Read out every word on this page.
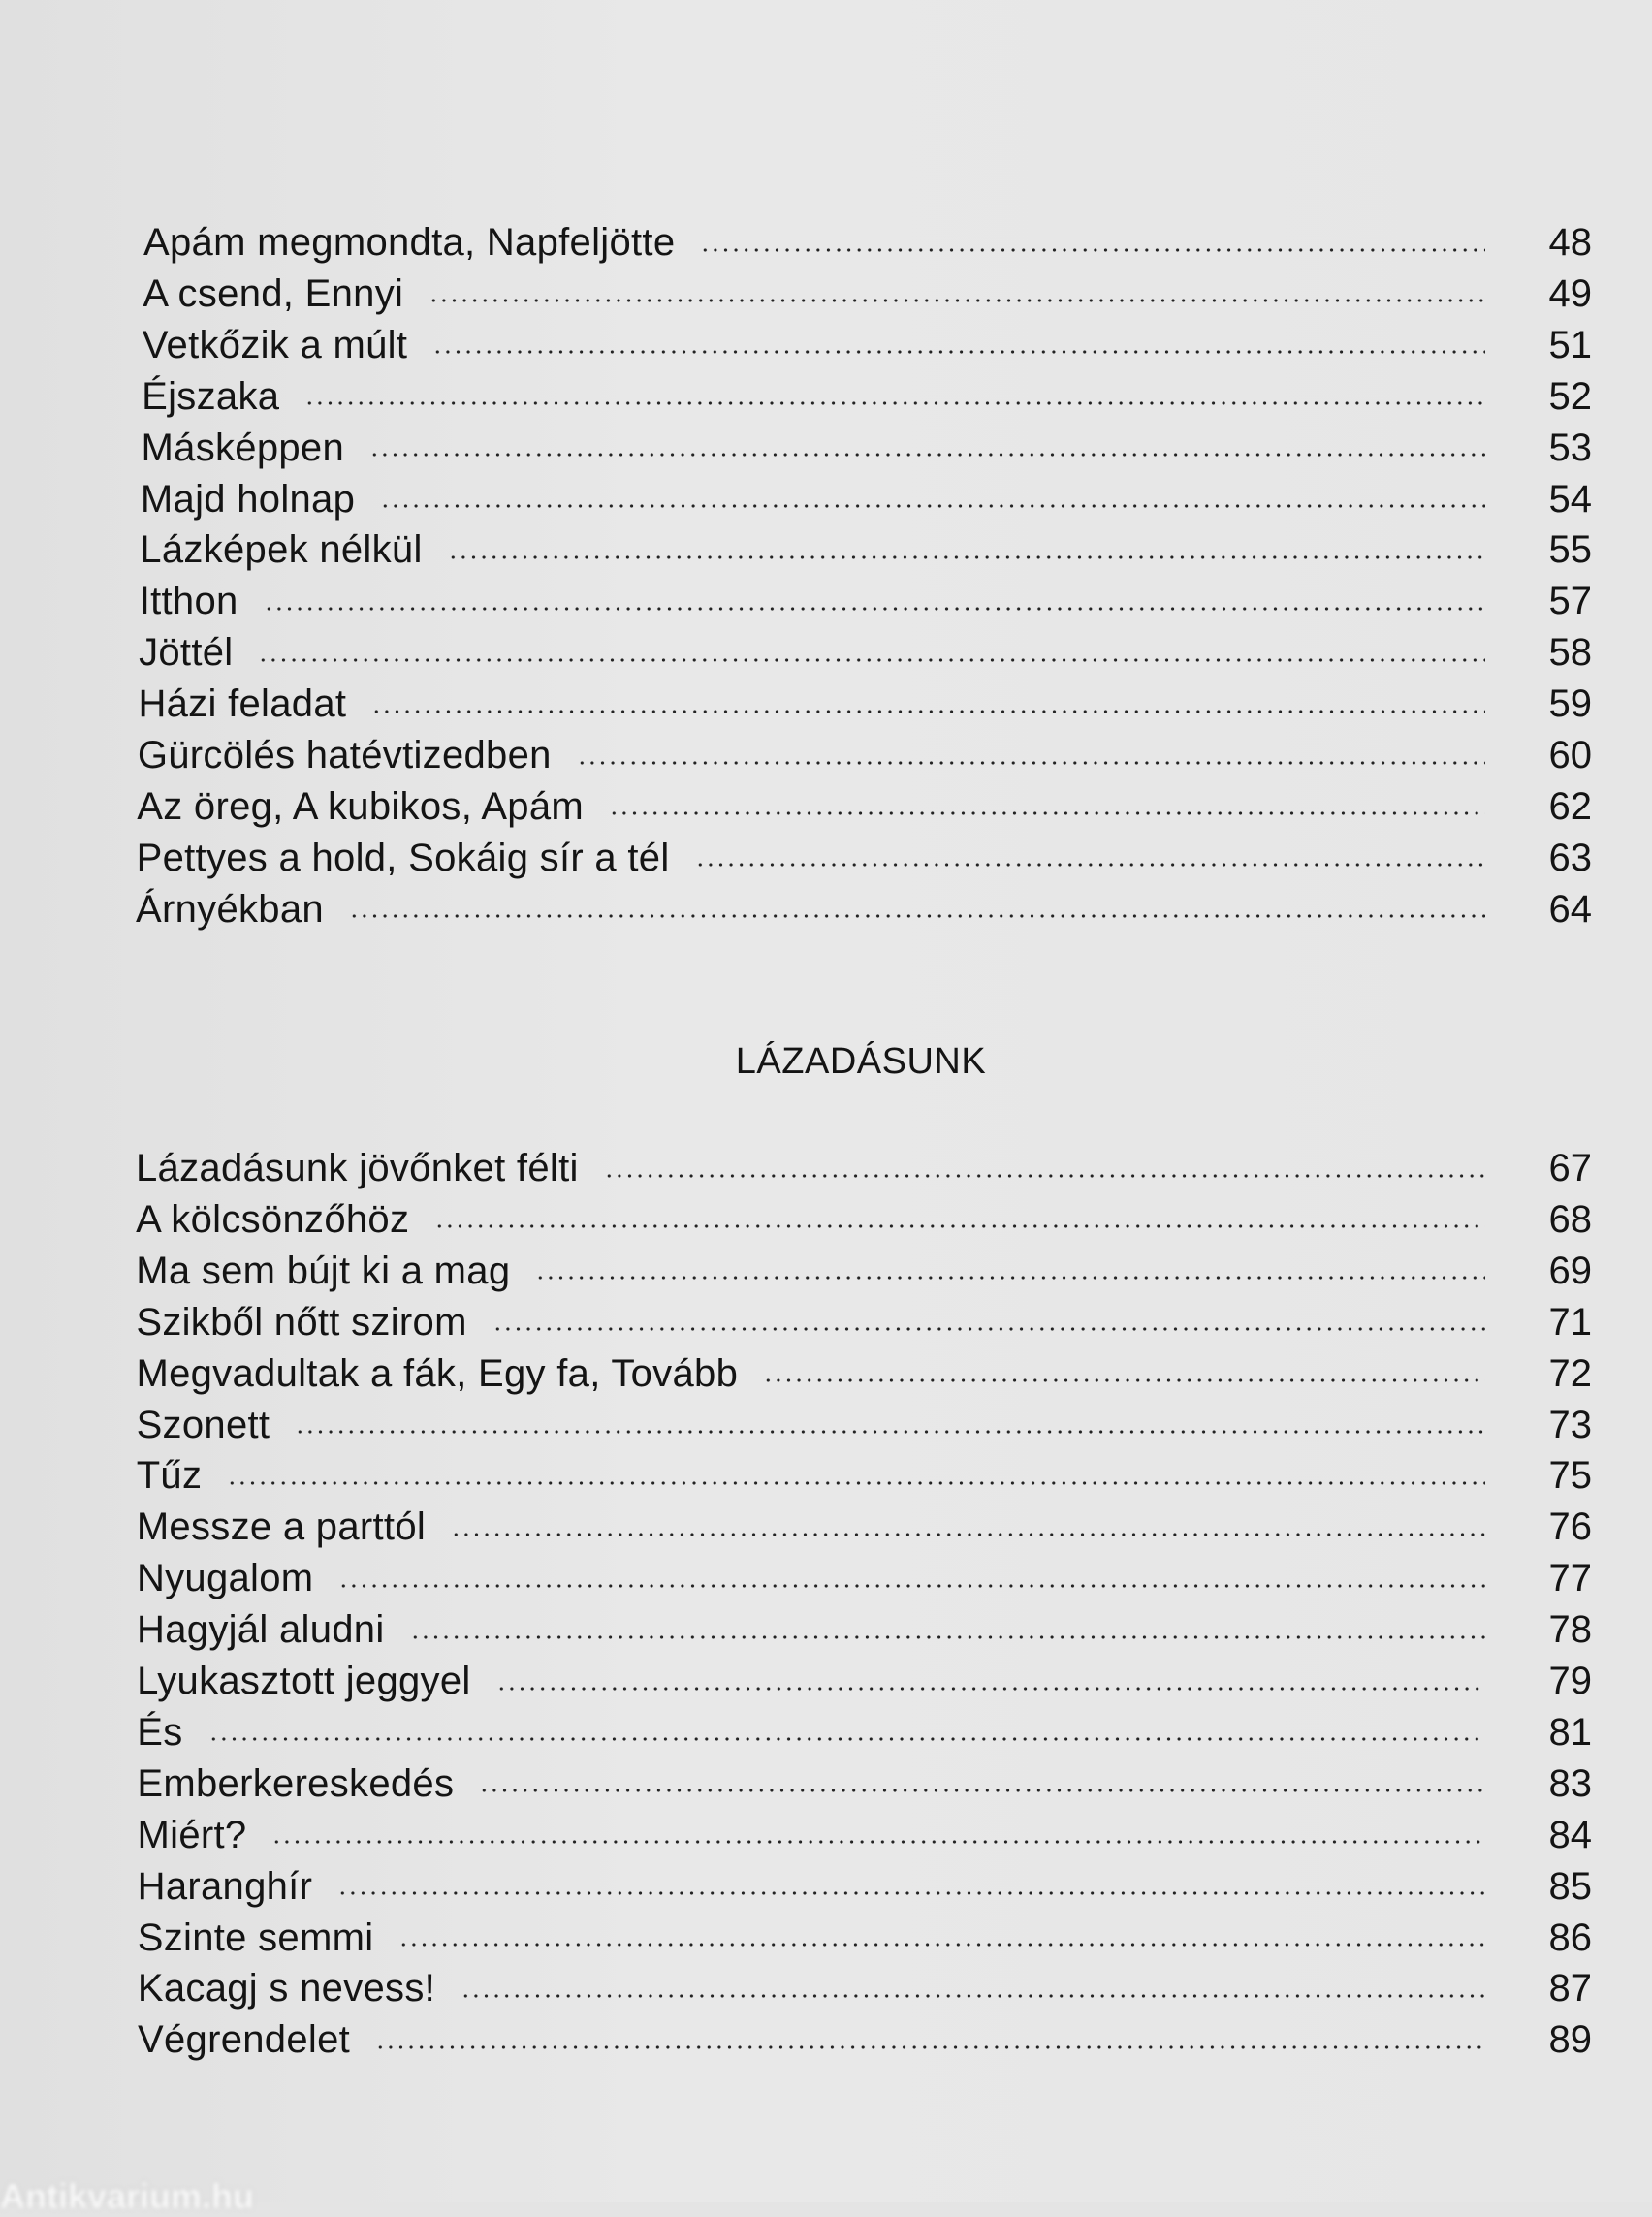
Apám megmondta, Napfeljötte	48
A csend, Ennyi	49
Vetkőzik a múlt	51
Éjszaka	52
Másképpen	53
Majd holnap	54
Lázképek nélkül	55
Itthon	57
Jöttél	58
Házi feladat	59
Gürcölés hatévtizedben	60
Az öreg, A kubikos, Apám	62
Pettyes a hold, Sokáig sír a tél	63
Árnyékban	64
LÁZADÁSUNK
Lázadásunk jövőnket félti	67
A kölcsönzőhöz	68
Ma sem bújt ki a mag	69
Szikből nőtt szirom	71
Megvadultak a fák, Egy fa, Tovább	72
Szonett	73
Tűz	75
Messze a parttól	76
Nyugalom	77
Hagyjál aludni	78
Lyukasztott jeggyel	79
És	81
Emberkereskedés	83
Miért?	84
Haranghír	85
Szinte semmi	86
Kacagj s nevess!	87
Végrendelet	89
Antikvarium.hu
